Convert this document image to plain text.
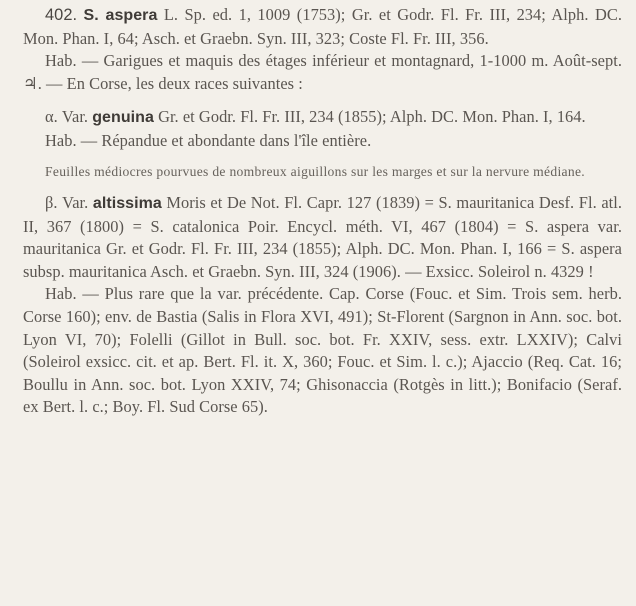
402. S. aspera L. Sp. ed. 1, 1009 (1753); Gr. et Godr. Fl. Fr. III, 234; Alph. DC. Mon. Phan. I, 64; Asch. et Graebn. Syn. III, 323; Coste Fl. Fr. III, 356.

Hab. — Garigues et maquis des étages inférieur et montagnard, 1-1000 m. Août-sept. ♃. — En Corse, les deux races suivantes :

α. Var. genuina Gr. et Godr. Fl. Fr. III, 234 (1855); Alph. DC. Mon. Phan. I, 164.

Hab. — Répandue et abondante dans l'île entière.

Feuilles médiocres pourvues de nombreux aiguillons sur les marges et sur la nervure médiane.

β. Var. altissima Moris et De Not. Fl. Capr. 127 (1839) = S. mauritanica Desf. Fl. atl. II, 367 (1800) = S. catalonica Poir. Encycl. méth. VI, 467 (1804) = S. aspera var. mauritanica Gr. et Godr. Fl. Fr. III, 234 (1855); Alph. DC. Mon. Phan. I, 166 = S. aspera subsp. mauritanica Asch. et Graebn. Syn. III, 324 (1906). — Exsicc. Soleirol n. 4329 !

Hab. — Plus rare que la var. précédente. Cap. Corse (Fouc. et Sim. Trois sem. herb. Corse 160); env. de Bastia (Salis in Flora XVI, 491); St-Florent (Sargnon in Ann. soc. bot. Lyon VI, 70); Folelli (Gillot in Bull. soc. bot. Fr. XXIV, sess. extr. LXXIV); Calvi (Soleirol exsicc. cit. et ap. Bert. Fl. it. X, 360; Fouc. et Sim. l. c.); Ajaccio (Req. Cat. 16; Boullu in Ann. soc. bot. Lyon XXIV, 74; Ghisonaccia (Rotgès in litt.); Bonifacio (Seraf. ex Bert. l. c.; Boy. Fl. Sud Corse 65).
